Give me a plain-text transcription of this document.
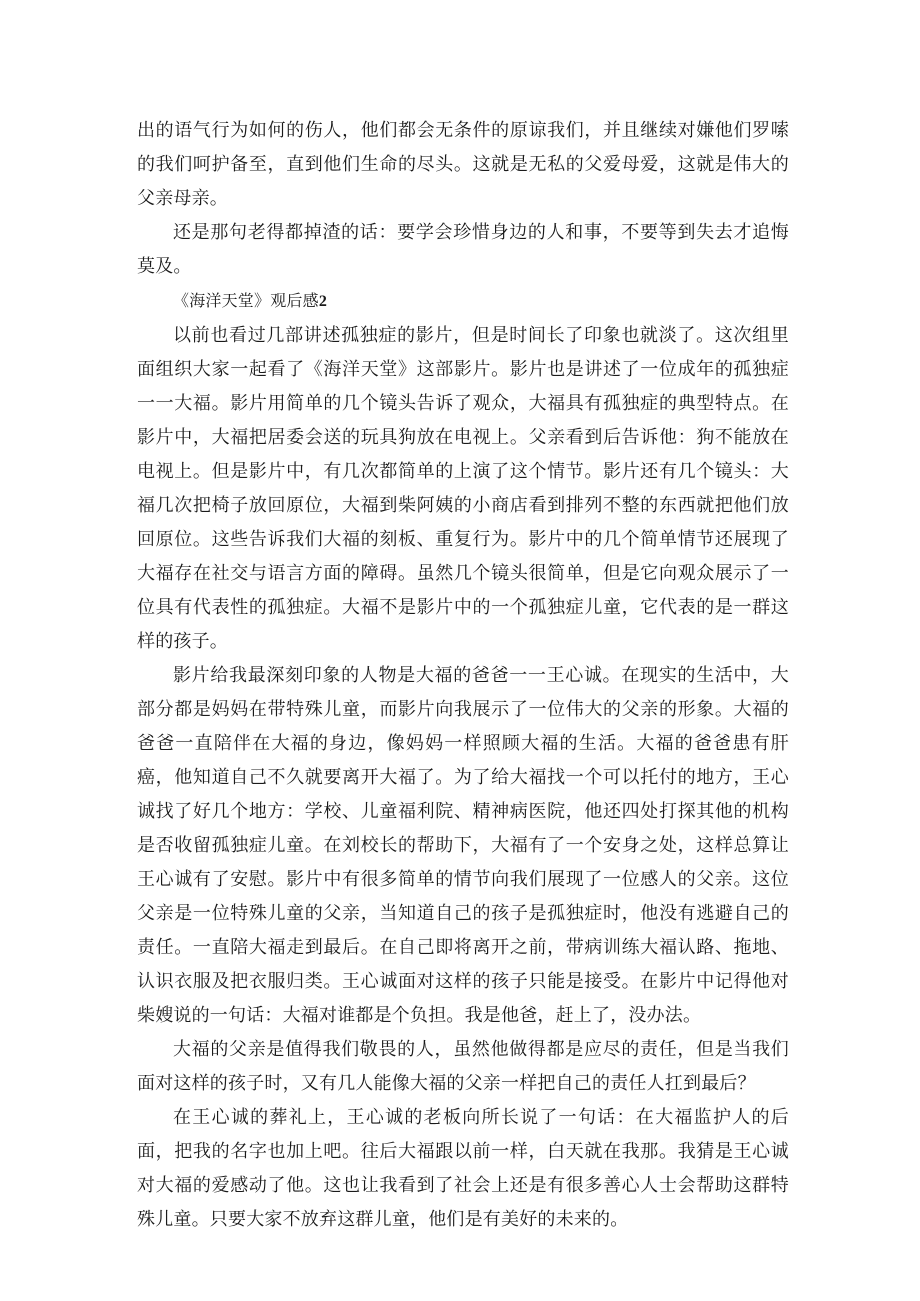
出的语气行为如何的伤人，他们都会无条件的原谅我们，并且继续对嫌他们罗嗦的我们呵护备至，直到他们生命的尽头。这就是无私的父爱母爱，这就是伟大的父亲母亲。

还是那句老得都掉渣的话：要学会珍惜身边的人和事，不要等到失去才追悔莫及。

《海洋天堂》观后感2

以前也看过几部讲述孤独症的影片，但是时间长了印象也就淡了。这次组里面组织大家一起看了《海洋天堂》这部影片。影片也是讲述了一位成年的孤独症一一大福。影片用简单的几个镜头告诉了观众，大福具有孤独症的典型特点。在影片中，大福把居委会送的玩具狗放在电视上。父亲看到后告诉他：狗不能放在电视上。但是影片中，有几次都简单的上演了这个情节。影片还有几个镜头：大福几次把椅子放回原位，大福到柴阿姨的小商店看到排列不整的东西就把他们放回原位。这些告诉我们大福的刻板、重复行为。影片中的几个简单情节还展现了大福存在社交与语言方面的障碍。虽然几个镜头很简单，但是它向观众展示了一位具有代表性的孤独症。大福不是影片中的一个孤独症儿童，它代表的是一群这样的孩子。

影片给我最深刻印象的人物是大福的爸爸一一王心诚。在现实的生活中，大部分都是妈妈在带特殊儿童，而影片向我展示了一位伟大的父亲的形象。大福的爸爸一直陪伴在大福的身边，像妈妈一样照顾大福的生活。大福的爸爸患有肝癌，他知道自己不久就要离开大福了。为了给大福找一个可以托付的地方，王心诚找了好几个地方：学校、儿童福利院、精神病医院，他还四处打探其他的机构是否收留孤独症儿童。在刘校长的帮助下，大福有了一个安身之处，这样总算让王心诚有了安慰。影片中有很多简单的情节向我们展现了一位感人的父亲。这位父亲是一位特殊儿童的父亲，当知道自己的孩子是孤独症时，他没有逃避自己的责任。一直陪大福走到最后。在自己即将离开之前，带病训练大福认路、拖地、认识衣服及把衣服归类。王心诚面对这样的孩子只能是接受。在影片中记得他对柴嫂说的一句话：大福对谁都是个负担。我是他爸，赶上了，没办法。

大福的父亲是值得我们敬畏的人，虽然他做得都是应尽的责任，但是当我们面对这样的孩子时，又有几人能像大福的父亲一样把自己的责任人扛到最后？

在王心诚的葬礼上，王心诚的老板向所长说了一句话：在大福监护人的后面，把我的名字也加上吧。往后大福跟以前一样，白天就在我那。我猜是王心诚对大福的爱感动了他。这也让我看到了社会上还是有很多善心人士会帮助这群特殊儿童。只要大家不放弃这群儿童，他们是有美好的未来的。
